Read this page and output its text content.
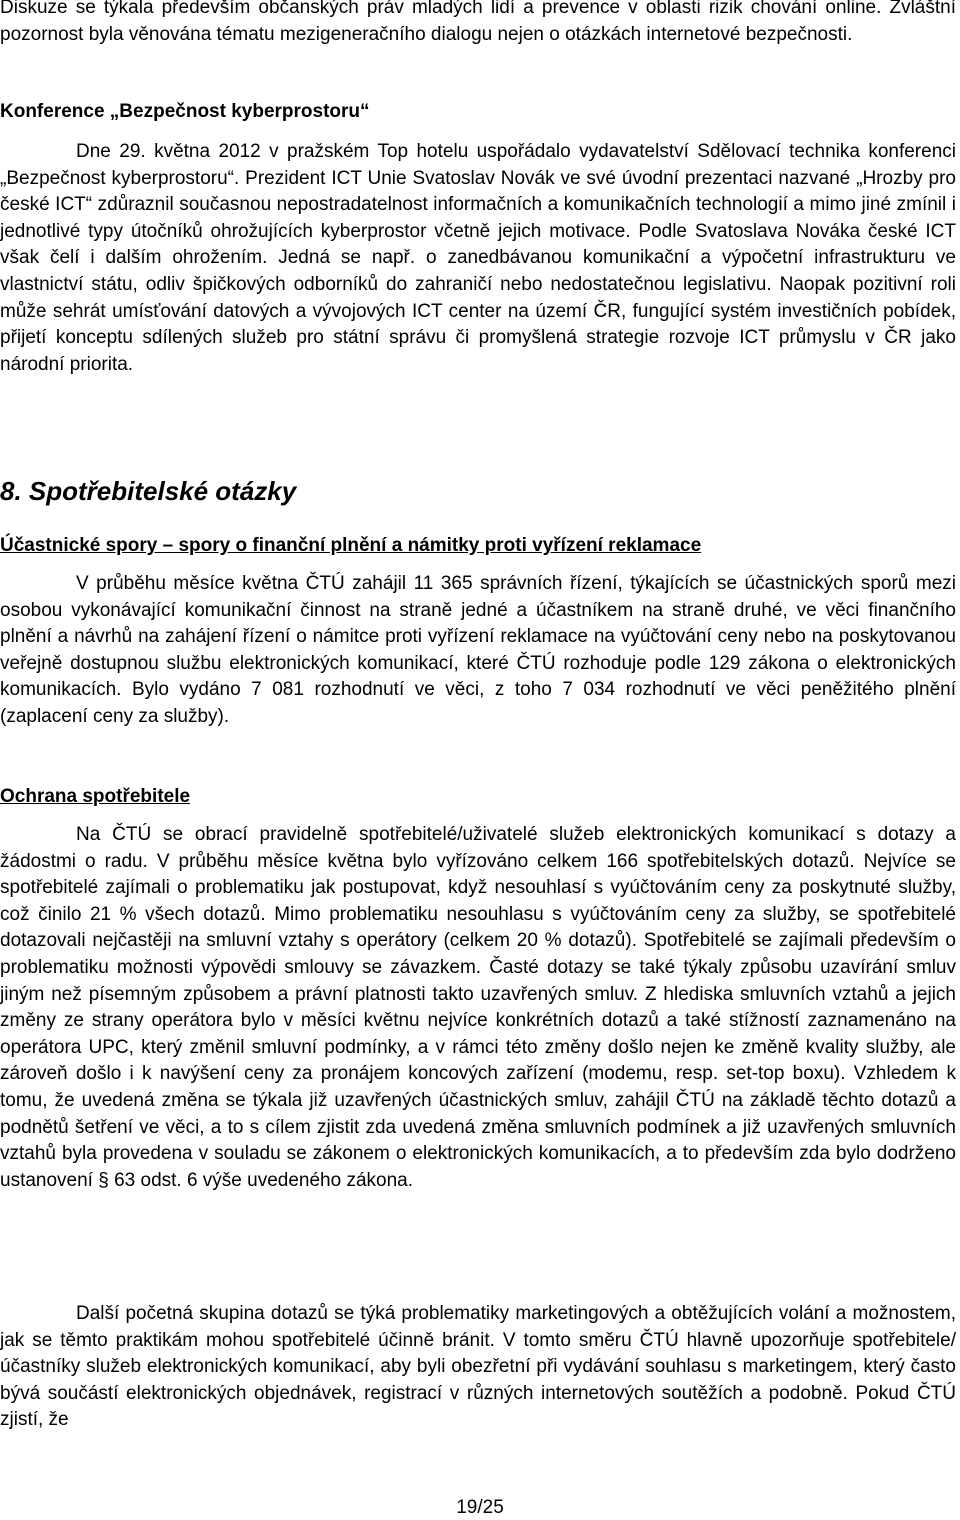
Diskuze se týkala především občanských práv mladých lidí a prevence v oblasti rizik chování online. Zvláštní pozornost byla věnována tématu mezigeneračního dialogu nejen o otázkách internetové bezpečnosti.

Konference „Bezpečnost kyberprostoru“

Dne 29. května 2012 v pražském Top hotelu uspořádalo vydavatelství Sdělovací technika konferenci „Bezpečnost kyberprostoru“. Prezident ICT Unie Svatoslav Novák ve své úvodní prezentaci nazvané „Hrozby pro české ICT“ zdůraznil současnou nepostradatelnost informačních a komunikačních technologií a mimo jiné zmínil i jednotlivé typy útočníků ohrožujících kyberprostor včetně jejich motivace. Podle Svatoslava Nováka české ICT však čelí i dalším ohrožením. Jedná se např. o zanedbávanou komunikační a výpočetní infrastrukturu ve vlastnictví státu, odliv špičkových odborníků do zahraničí nebo nedostatečnou legislativu. Naopak pozitivní roli může sehrát umísťování datových a vývojových ICT center na území ČR, fungující systém investičních pobídek, přijetí konceptu sdílených služeb pro státní správu či promyšlená strategie rozvoje ICT průmyslu v ČR jako národní priorita.

8. Spotřebitelské otázky

Účastnické spory – spory o finanční plnění a námitky proti vyřízení reklamace

V průběhu měsíce května ČTÚ zahájil 11 365 správních řízení, týkajících se účastnických sporů mezi osobou vykonávající komunikační činnost na straně jedné a účastníkem na straně druhé, ve věci finančního plnění a návrhů na zahájení řízení o námitce proti vyřízení reklamace na vyúčtování ceny nebo na poskytovanou veřejně dostupnou službu elektronických komunikací, které ČTÚ rozhoduje podle 129 zákona o elektronických komunikacích. Bylo vydáno 7 081 rozhodnutí ve věci, z toho 7 034 rozhodnutí ve věci peněžitého plnění (zaplacení ceny za služby).

Ochrana spotřebitele

Na ČTÚ se obrací pravidelně spotřebitelé/uživatelé služeb elektronických komunikací s dotazy a žádostmi o radu. V průběhu měsíce května bylo vyřízováno celkem 166 spotřebitelských dotazů. Nejvíce se spotřebitelé zajímali o problematiku jak postupovat, když nesouhlasí s vyúčtováním ceny za poskytnuté služby, což činilo 21 % všech dotazů. Mimo problematiku nesouhlasu s vyúčtováním ceny za služby, se spotřebitelé dotazovali nejčastěji na smluvní vztahy s operátory (celkem 20 % dotazů). Spotřebitelé se zajímali především o problematiku možnosti výpovědi smlouvy se závazkem. Časté dotazy se také týkaly způsobu uzavírání smluv jiným než písemným způsobem a právní platnosti takto uzavřených smluv. Z hlediska smluvních vztahů a jejich změny ze strany operátora bylo v měsíci květnu nejvíce konkrétních dotazů a také stížností zaznamenáno na operátora UPC, který změnil smluvní podmínky, a v rámci této změny došlo nejen ke změně kvality služby, ale zároveň došlo i k navýšení ceny za pronájem koncových zařízení (modemu, resp. set-top boxu). Vzhledem k tomu, že uvedená změna se týkala již uzavřených účastnických smluv, zahájil ČTÚ na základě těchto dotazů a podnětů šetření ve věci, a to s cílem zjistit zda uvedená změna smluvních podmínek a již uzavřených smluvních vztahů byla provedena v souladu se zákonem o elektronických komunikacích, a to především zda bylo dodrženo ustanovení § 63 odst. 6 výše uvedeného zákona.

Další početná skupina dotazů se týká problematiky marketingových a obtěžujících volání a možnostem, jak se těmto praktikám mohou spotřebitelé účinně bránit. V tomto směru ČTÚ hlavně upozorňuje spotřebitele/účastníky služeb elektronických komunikací, aby byli obezřetní při vydávání souhlasu s marketingem, který často bývá součástí elektronických objednávek, registrací v různých internetových soutěžích a podobně. Pokud ČTÚ zjistí, že

19/25
